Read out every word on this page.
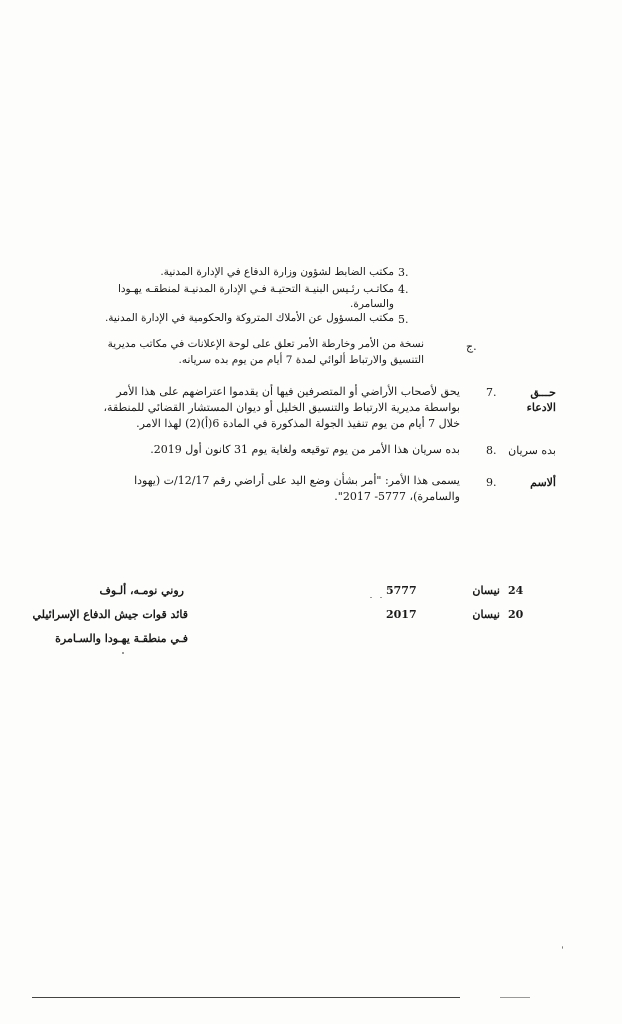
3.
مكتب الضابط لشؤون وزارة الدفاع في الإدارة المدنية.
4.
مكاتـب رئـيس البنيـة التحتيـة فـي الإدارة المدنيـة لمنطقـه يهـودا
والسامرة.
5.
مكتب المسؤول عن الأملاك المتروكة والحكومية في الإدارة المدنية.
ج.
نسخة من الأمر وخارطة الأمر تعلق على لوحة الإعلانات في مكاتب مديرية
التنسيق والارتباط ألوائي لمدة 7 أيام من يوم بده سريانه.
حـــق
7.
الادعاء
يحق لأصحاب الأراضي أو المتصرفين فيها أن يقدموا اعتراضهم على هذا الأمر
بواسطة مديرية الارتباط والتنسيق الخليل أو ديوان المستشار القضائي للمنطقة،
خلال 7 أيام من يوم تنفيذ الجولة المذكورة في المادة 6(أ)(2) لهذا الامر.
بده سريان
8.
بده سريان هذا الأمر من يوم توقيعه ولغاية يوم 31 كانون أول 2019.
ألاسم
9.
يسمى هذا الأمر: "أمر بشأن وضع اليد على أراضي رقم 12/17/ت (يهودا
والسامرة)، 5777- 2017".
24
نيسان
5777
روني نومـه، ألـوف
20
نيسان
2017
قائد قوات جيش الدفاع الإسرائيلي
فـي منطقـة يهـودا والسـامرة
